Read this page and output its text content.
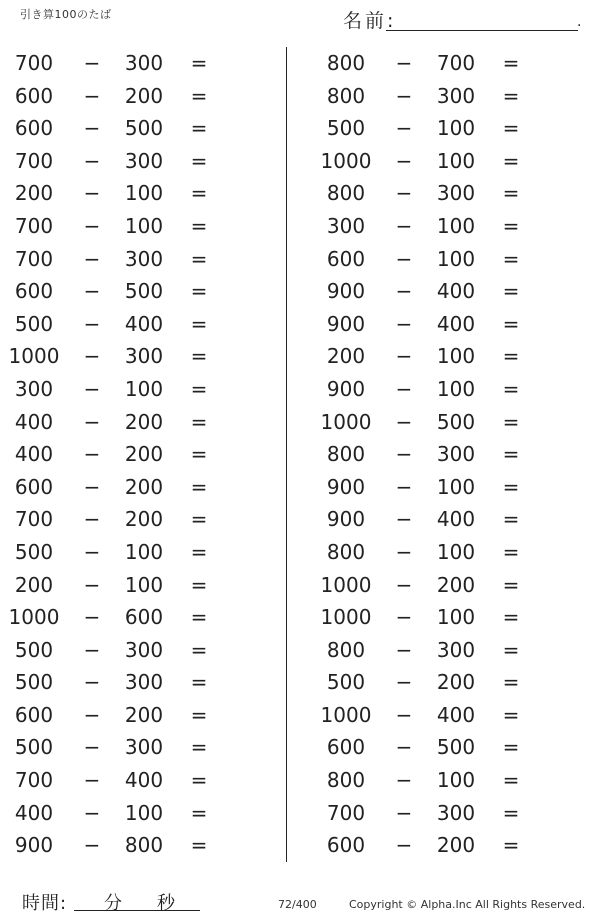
引き算100のたば	名前:	.
700	−	300	=
600	−	200	=
600	−	500	=
700	−	300	=
200	−	100	=
700	−	100	=
700	−	300	=
600	−	500	=
500	−	400	=
1000	−	300	=
300	−	100	=
400	−	200	=
400	−	200	=
600	−	200	=
700	−	200	=
500	−	100	=
200	−	100	=
1000	−	600	=
500	−	300	=
500	−	300	=
600	−	200	=
500	−	300	=
700	−	400	=
400	−	100	=
900	−	800	=
800	−	700	=
800	−	300	=
500	−	100	=
1000	−	100	=
800	−	300	=
300	−	100	=
600	−	100	=
900	−	400	=
900	−	400	=
200	−	100	=
900	−	100	=
1000	−	500	=
800	−	300	=
900	−	100	=
900	−	400	=
800	−	100	=
1000	−	200	=
1000	−	100	=
800	−	300	=
500	−	200	=
1000	−	400	=
600	−	500	=
800	−	100	=
700	−	300	=
600	−	200	=
時間: 分 秒	72/400	Copyright © Alpha.Inc All Rights Reserved.
